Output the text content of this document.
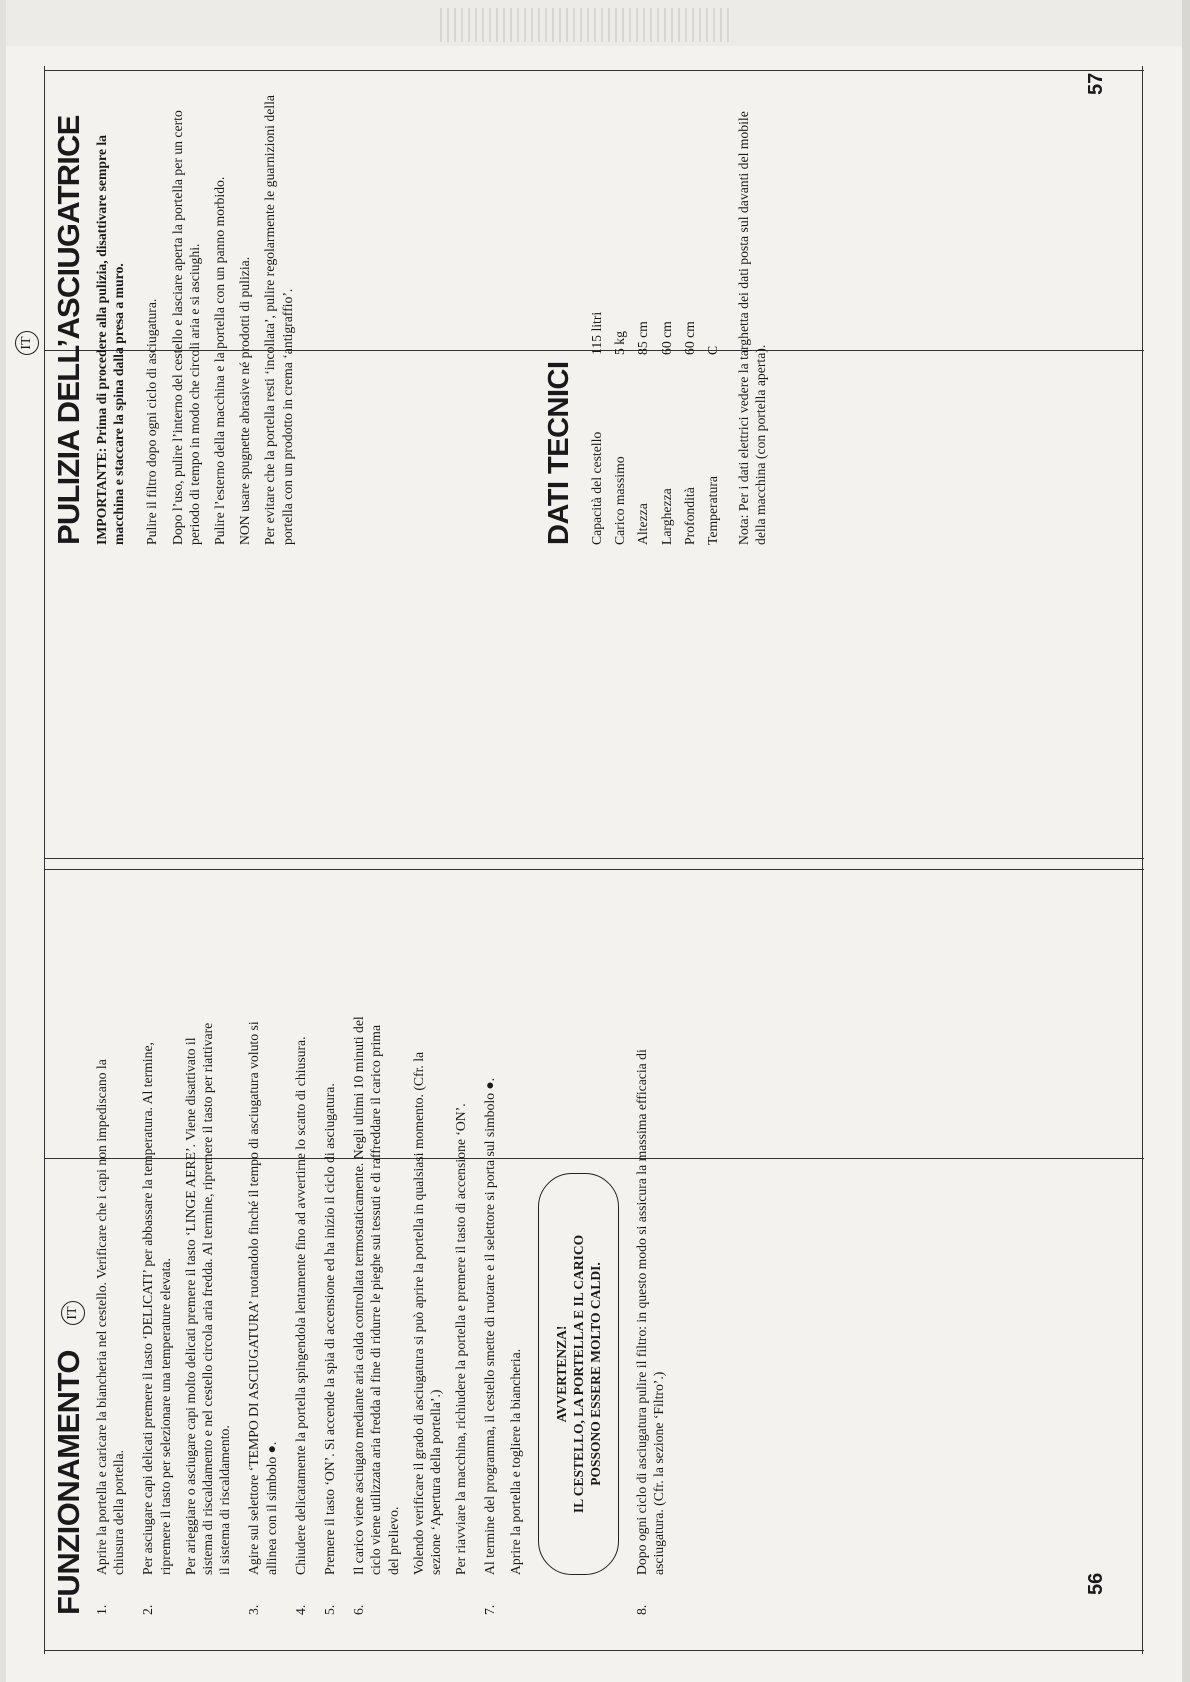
FUNZIONAMENTO
IT
1.

Aprire la portella e caricare la biancheria nel cestello. Verificare che i capi non impediscano la chiusura della portella.

2.

Per asciugare capi delicati premere il tasto ‘DELICATI’ per abbassare la temperatura. Al termine, ripremere il tasto per selezionare una temperature elevata. Per arieggiare o asciugare capi molto delicati premere il tasto ‘LINGE AERE’. Viene disattivato il sistema di riscaldamento e nel cestello circola aria fredda. Al termine, ripremere il tasto per riattivare il sistema di riscaldamento.

3.

Agire sul selettore ‘TEMPO DI ASCIUGATURA’ ruotandolo finché il tempo di asciugatura voluto si allinea con il simbolo ●.

4.

Chiudere delicatamente la portella spingendola lentamente fino ad avvertirne lo scatto di chiusura.

5.

Premere il tasto ‘ON’. Si accende la spia di accensione ed ha inizio il ciclo di asciugatura.

6.

Il carico viene asciugato mediante aria calda controllata termostaticamente. Negli ultimi 10 minuti del ciclo viene utilizzata aria fredda al fine di ridurre le pieghe sui tessuti e di raffreddare il carico prima del prelievo. Volendo verificare il grado di asciugatura si può aprire la portella in qualsiasi momento. (Cfr. la sezione ‘Apertura della portella’.) Per riavviare la macchina, richiudere la portella e premere il tasto di accensione ‘ON’.

7.

Al termine del programma, il cestello smette di ruotare e il selettore si porta sul simbolo ●. Aprire la portella e togliere la biancheria. AVVERTENZA!
IL CESTELLO, LA PORTELLA E IL CARICO
POSSONO ESSERE MOLTO CALDI.
8.

Dopo ogni ciclo di asciugatura pulire il filtro: in questo modo si assicura la massima efficacia di asciugatura. (Cfr. la sezione ‘Filtro’.)

56
PULIZIA DELL’ASCIUGATRICE
IT	IMPORTANTE: Prima di procedere alla pulizia, disattivare sempre la macchina e staccare la spina dalla presa a muro. Pulire il filtro dopo ogni ciclo di asciugatura. Dopo l’uso, pulire l’interno del cestello e lasciare aperta la portella per un certo periodo di tempo in modo che circoli aria e si asciughi. Pulire l’esterno della macchina e la portella con un panno morbido. NON usare spugnette abrasive né prodotti di pulizia. Per evitare che la portella resti ‘incollata’, pulire regolarmente le guarnizioni della portella con un prodotto in crema ‘antigraffio’.	DATI TECNICI Capacità del cestello	115 litri
Carico massimo	5 kg
Altezza	85 cm
Larghezza	60 cm
Profondità	60 cm
Temperatura	C Nota: Per i dati elettrici vedere la targhetta dei dati posta sul davanti del mobile della macchina (con portella aperta).

57
